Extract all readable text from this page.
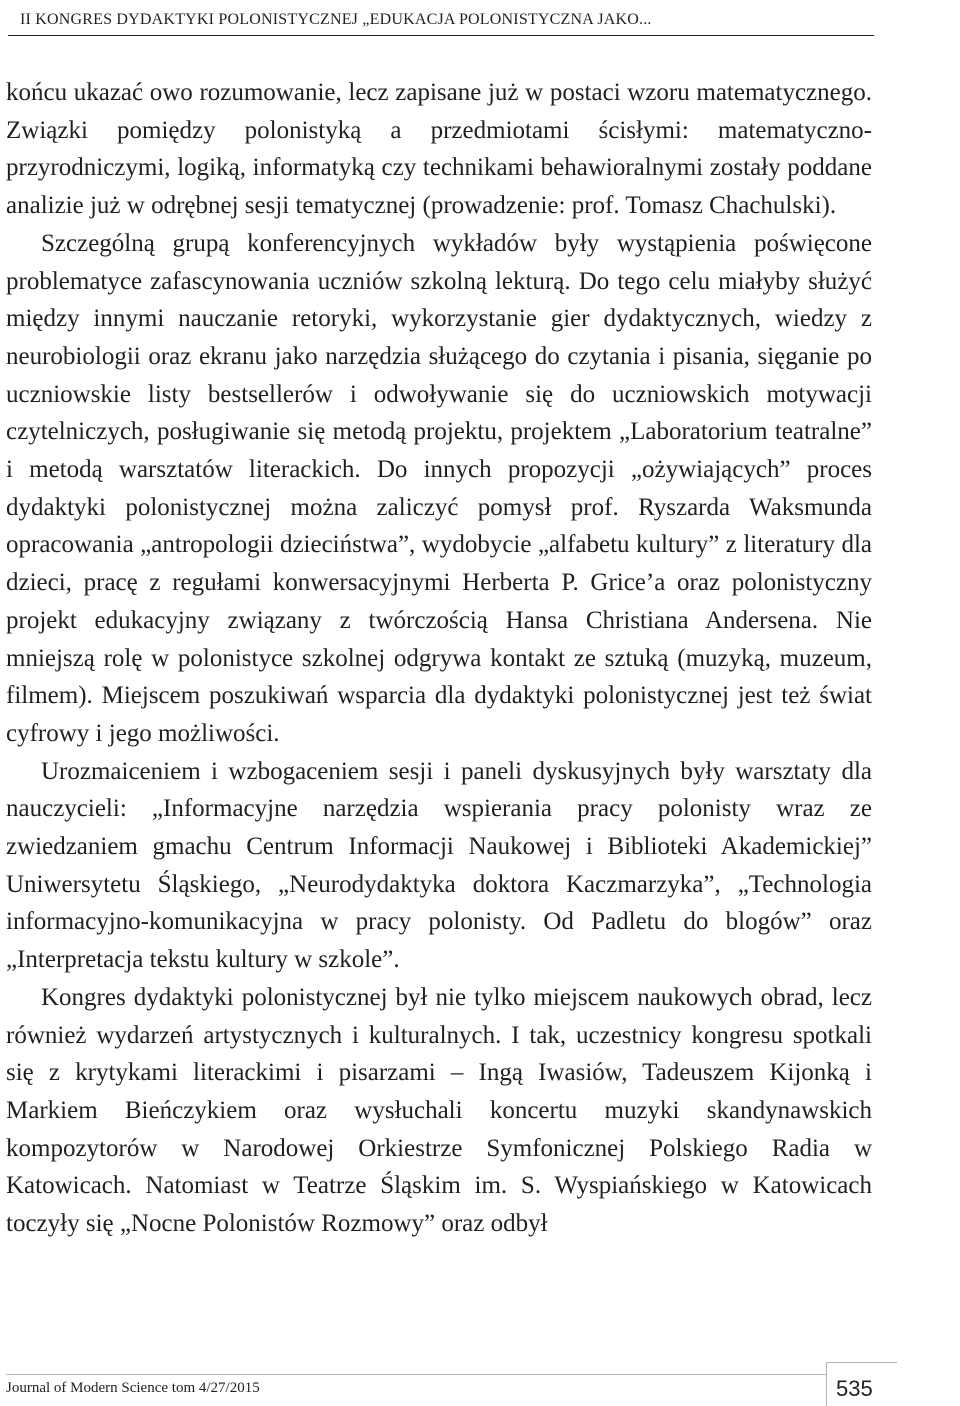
II KONGRES DYDAKTYKI POLONISTYCZNEJ „EDUKACJA POLONISTYCZNA JAKO...

końcu ukazać owo rozumowanie, lecz zapisane już w postaci wzoru matematycznego. Związki pomiędzy polonistyką a przedmiotami ścisłymi: matematyczno-przyrodniczymi, logiką, informatyką czy technikami behawioralnymi zostały poddane analizie już w odrębnej sesji tematycznej (prowadzenie: prof. Tomasz Chachulski).

Szczególną grupą konferencyjnych wykładów były wystąpienia poświęcone problematyce zafascynowania uczniów szkolną lekturą. Do tego celu miałyby służyć między innymi nauczanie retoryki, wykorzystanie gier dydaktycznych, wiedzy z neurobiologii oraz ekranu jako narzędzia służącego do czytania i pisania, sięganie po uczniowskie listy bestsellerów i odwoływanie się do uczniowskich motywacji czytelniczych, posługiwanie się metodą projektu, projektem „Laboratorium teatralne” i metodą warsztatów literackich. Do innych propozycji „ożywiających” proces dydaktyki polonistycznej można zaliczyć pomysł prof. Ryszarda Waksmunda opracowania „antropologii dzieciństwa”, wydobycie „alfabetu kultury” z literatury dla dzieci, pracę z regułami konwersacyjnymi Herberta P. Grice’a oraz polonistyczny projekt edukacyjny związany z twórczością Hansa Christiana Andersena. Nie mniejszą rolę w polonistyce szkolnej odgrywa kontakt ze sztuką (muzyką, muzeum, filmem). Miejscem poszukiwań wsparcia dla dydaktyki polonistycznej jest też świat cyfrowy i jego możliwości.

Urozmaiceniem i wzbogaceniem sesji i paneli dyskusyjnych były warsztaty dla nauczycieli: „Informacyjne narzędzia wspierania pracy polonisty wraz ze zwiedzaniem gmachu Centrum Informacji Naukowej i Biblioteki Akademickiej” Uniwersytetu Śląskiego, „Neurodydaktyka doktora Kaczmarzyka”, „Technologia informacyjno-komunikacyjna w pracy polonisty. Od Padletu do blogów” oraz „Interpretacja tekstu kultury w szkole”.

Kongres dydaktyki polonistycznej był nie tylko miejscem naukowych obrad, lecz również wydarzeń artystycznych i kulturalnych. I tak, uczestnicy kongresu spotkali się z krytykami literackimi i pisarzami – Ingą Iwasiów, Tadeuszem Kijonką i Markiem Bieńczykiem oraz wysłuchali koncertu muzyki skandynawskich kompozytorów w Narodowej Orkiestrze Symfonicznej Polskiego Radia w Katowicach. Natomiast w Teatrze Śląskim im. S. Wyspiańskiego w Katowicach toczyły się „Nocne Polonistów Rozmowy” oraz odbył

Journal of Modern Science tom 4/27/2015	535
